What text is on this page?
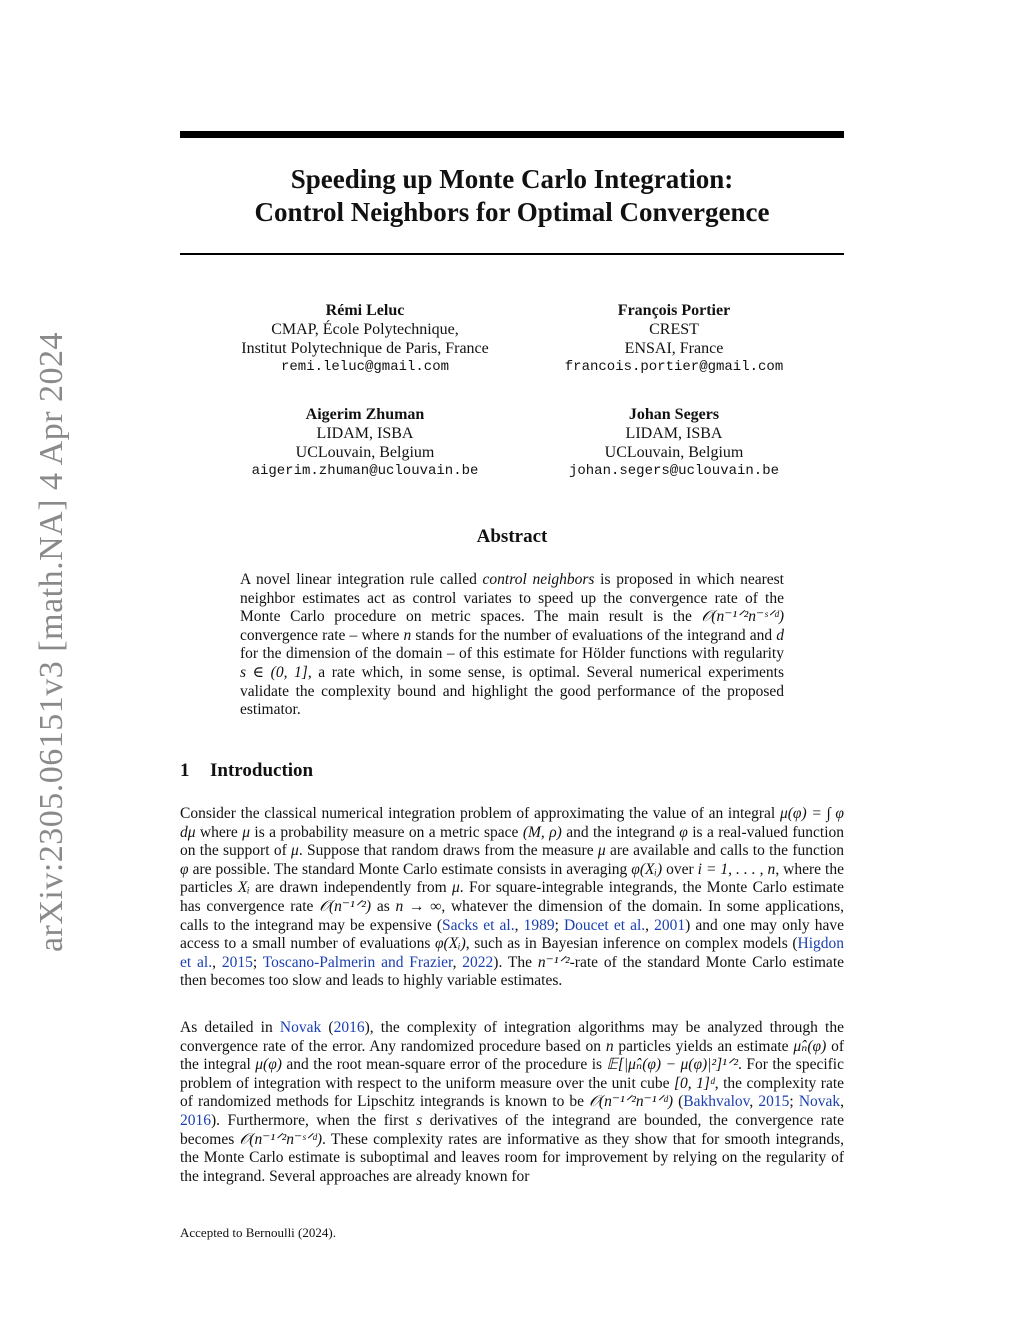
arXiv:2305.06151v3 [math.NA] 4 Apr 2024
Speeding up Monte Carlo Integration:
Control Neighbors for Optimal Convergence
Rémi Leluc
CMAP, École Polytechnique,
Institut Polytechnique de Paris, France
remi.leluc@gmail.com
François Portier
CREST
ENSAI, France
francois.portier@gmail.com
Aigerim Zhuman
LIDAM, ISBA
UCLouvain, Belgium
aigerim.zhuman@uclouvain.be
Johan Segers
LIDAM, ISBA
UCLouvain, Belgium
johan.segers@uclouvain.be
Abstract

A novel linear integration rule called control neighbors is proposed in which nearest neighbor estimates act as control variates to speed up the convergence rate of the Monte Carlo procedure on metric spaces. The main result is the 𝒪(n⁻¹ᐟ²n⁻ˢᐟᵈ) convergence rate – where n stands for the number of evaluations of the integrand and d for the dimension of the domain – of this estimate for Hölder functions with regularity s ∈ (0, 1], a rate which, in some sense, is optimal. Several numerical experiments validate the complexity bound and highlight the good performance of the proposed estimator.

1 Introduction

Consider the classical numerical integration problem of approximating the value of an integral μ(φ) = ∫ φ dμ where μ is a probability measure on a metric space (M, ρ) and the integrand φ is a real-valued function on the support of μ. Suppose that random draws from the measure μ are available and calls to the function φ are possible. The standard Monte Carlo estimate consists in averaging φ(Xᵢ) over i = 1, . . . , n, where the particles Xᵢ are drawn independently from μ. For square-integrable integrands, the Monte Carlo estimate has convergence rate 𝒪(n⁻¹ᐟ²) as n → ∞, whatever the dimension of the domain. In some applications, calls to the integrand may be expensive (Sacks et al., 1989; Doucet et al., 2001) and one may only have access to a small number of evaluations φ(Xᵢ), such as in Bayesian inference on complex models (Higdon et al., 2015; Toscano-Palmerin and Frazier, 2022). The n⁻¹ᐟ²-rate of the standard Monte Carlo estimate then becomes too slow and leads to highly variable estimates.

As detailed in Novak (2016), the complexity of integration algorithms may be analyzed through the convergence rate of the error. Any randomized procedure based on n particles yields an estimate μ̂ₙ(φ) of the integral μ(φ) and the root mean-square error of the procedure is 𝔼[|μ̂ₙ(φ) − μ(φ)|²]¹ᐟ². For the specific problem of integration with respect to the uniform measure over the unit cube [0, 1]ᵈ, the complexity rate of randomized methods for Lipschitz integrands is known to be 𝒪(n⁻¹ᐟ²n⁻¹ᐟᵈ) (Bakhvalov, 2015; Novak, 2016). Furthermore, when the first s derivatives of the integrand are bounded, the convergence rate becomes 𝒪(n⁻¹ᐟ²n⁻ˢᐟᵈ). These complexity rates are informative as they show that for smooth integrands, the Monte Carlo estimate is suboptimal and leaves room for improvement by relying on the regularity of the integrand. Several approaches are already known for

Accepted to Bernoulli (2024).
